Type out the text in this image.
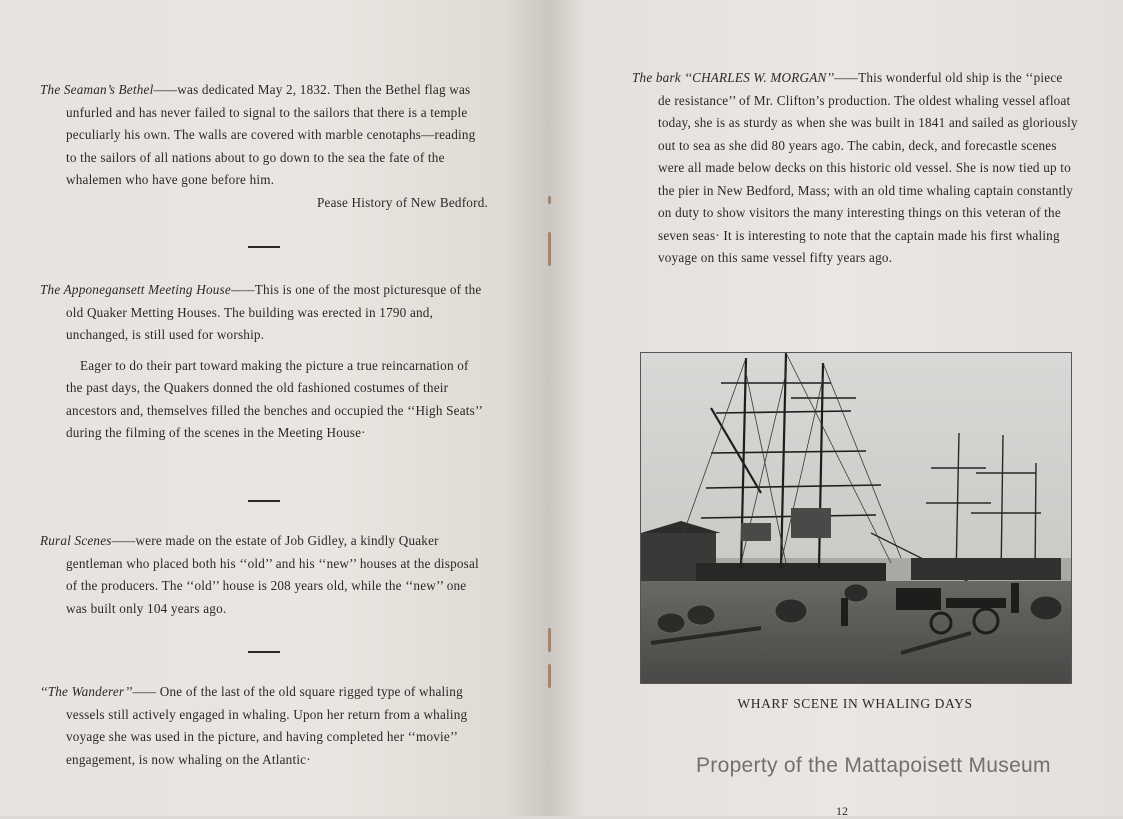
The Seaman’s Bethel——was dedicated May 2, 1832. Then the Bethel flag was unfurled and has never failed to signal to the sailors that there is a temple peculiarly his own. The walls are covered with marble cenotaphs—reading to the sailors of all nations about to go down to the sea the fate of the whalemen who have gone before him.

Pease History of New Bedford.

The Apponegansett Meeting House——This is one of the most picturesque of the old Quaker Metting Houses. The building was erected in 1790 and, unchanged, is still used for worship.

Eager to do their part toward making the picture a true reincarnation of the past days, the Quakers donned the old fashioned costumes of their ancestors and, themselves filled the benches and occupied the ‘‘High Seats’’ during the filming of the scenes in the Meeting House·

Rural Scenes——were made on the estate of Job Gidley, a kindly Quaker gentleman who placed both his ‘‘old’’ and his ‘‘new’’ houses at the disposal of the producers. The ‘‘old’’ house is 208 years old, while the ‘‘new’’ one was built only 104 years ago.

‘‘The Wanderer’’—— One of the last of the old square rigged type of whaling vessels still actively engaged in whaling. Upon her return from a whaling voyage she was used in the picture, and having completed her ‘‘movie’’ engagement, is now whaling on the Atlantic·

The bark ‘‘CHARLES W. MORGAN’’——This wonderful old ship is the ‘‘piece de resistance’’ of Mr. Clifton’s production. The oldest whaling vessel afloat today, she is as sturdy as when she was built in 1841 and sailed as gloriously out to sea as she did 80 years ago. The cabin, deck, and forecastle scenes were all made below decks on this historic old vessel. She is now tied up to the pier in New Bedford, Mass; with an old time whaling captain constantly on duty to show visitors the many interesting things on this veteran of the seven seas· It is interesting to note that the captain made his first whaling voyage on this same vessel fifty years ago.

WHARF SCENE IN WHALING DAYS
Property of the Mattapoisett Museum
12
